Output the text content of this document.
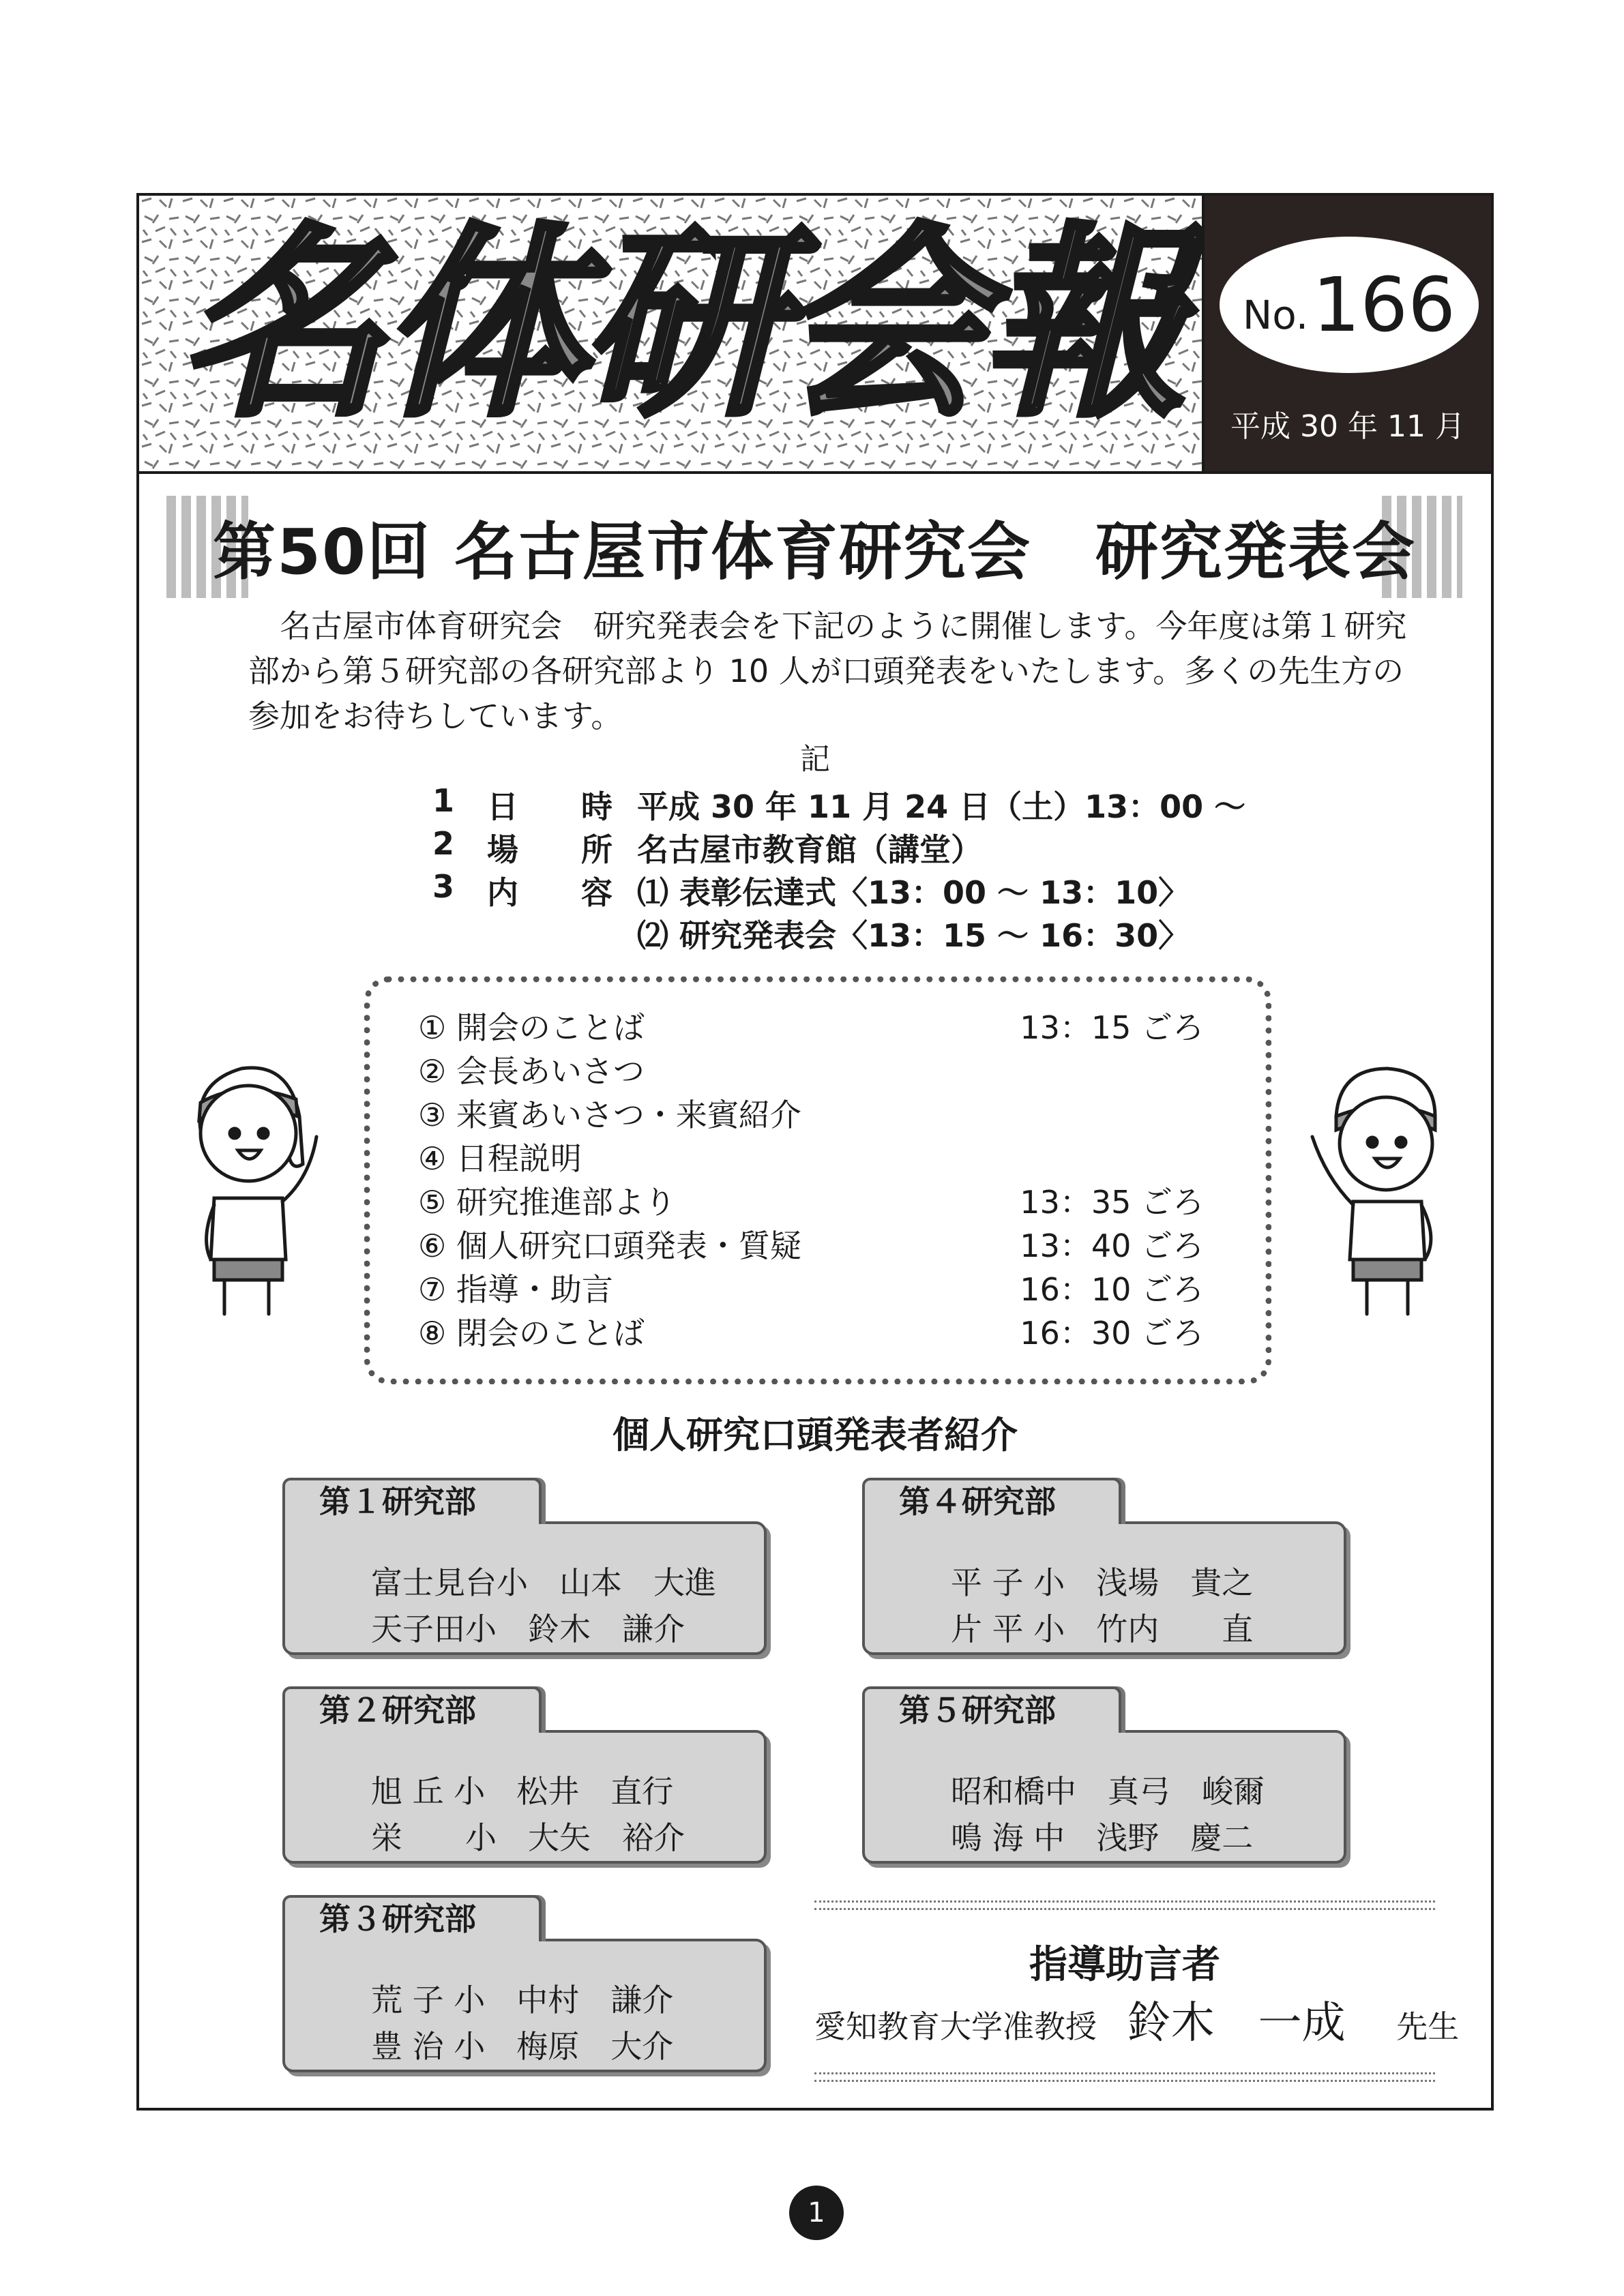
名体研会報 No. 166
平成 30 年 11 月
第50回 名古屋市体育研究会　研究発表会
名古屋市体育研究会　研究発表会を下記のように開催します。今年度は第１研究部から第５研究部の各研究部より 10 人が口頭発表をいたします。多くの先生方の参加をお待ちしています。
記
1 日　　時 平成 30 年 11 月 24 日（土）13：00 ～
2 場　　所 名古屋市教育館（講堂）
3 内　　容 ⑴ 表彰伝達式〈13：00 ～ 13：10〉
⑵ 研究発表会〈13：15 ～ 16：30〉
① 開会のことば	13：15 ごろ
② 会長あいさつ
③ 来賓あいさつ・来賓紹介
④ 日程説明
⑤ 研究推進部より	13：35 ごろ
⑥ 個人研究口頭発表・質疑	13：40 ごろ
⑦ 指導・助言	16：10 ごろ
⑧ 閉会のことば	16：30 ごろ
個人研究口頭発表者紹介
第１研究部
富士見台小　山本　大進
天子田小　鈴木　謙介
第２研究部
旭 丘 小　松井　直行
栄　　小　大矢　裕介
第３研究部
荒 子 小　中村　謙介
豊 治 小　梅原　大介
第４研究部
平 子 小　浅場　貴之
片 平 小　竹内　　直
第５研究部
昭和橋中　真弓　峻爾
鳴 海 中　浅野　慶二
指導助言者
愛知教育大学准教授 鈴木　一成 先生
1
